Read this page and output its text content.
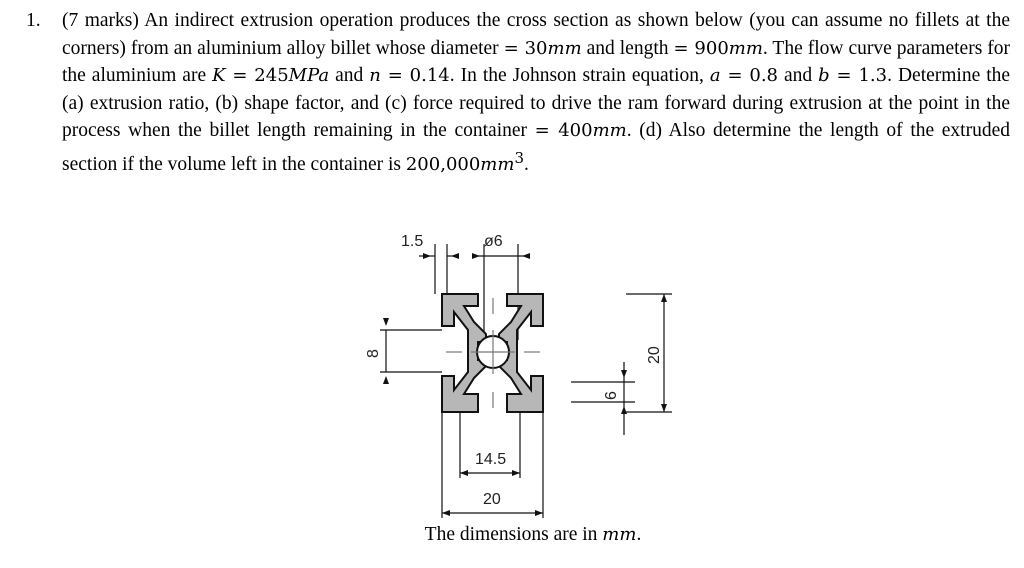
1. (7 marks) An indirect extrusion operation produces the cross section as shown below (you can assume no fillets at the corners) from an aluminium alloy billet whose diameter = 30mm and length = 900mm. The flow curve parameters for the aluminium are K = 245MPa and n = 0.14. In the Johnson strain equation, a = 0.8 and b = 1.3. Determine the (a) extrusion ratio, (b) shape factor, and (c) force required to drive the ram forward during extrusion at the point in the process when the billet length remaining in the container = 400mm. (d) Also determine the length of the extruded section if the volume left in the container is $200,000mm^3$.
1.5	ø6
8	20
6
14.5
20
The dimensions are in mm.
